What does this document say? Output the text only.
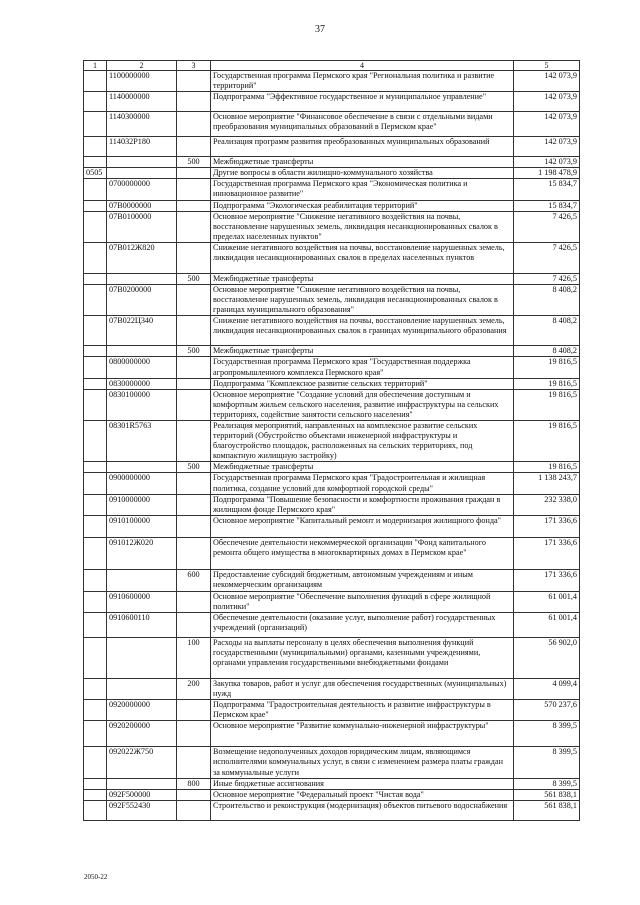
37
1	2	3	4	5
	1100000000		Государственная программа Пермского края "Региональная политика и развитие территорий"	142 073,9
	1140000000		Подпрограмма "Эффективное государственное и муниципальное управление"	142 073,9
	1140300000		Основное мероприятие "Финансовое обеспечение в связи с отдельными видами преобразования муниципальных образований в Пермском крае"	142 073,9
	114032Р180		Реализация программ развития преобразованных муниципальных образований	142 073,9
		500	Межбюджетные трансферты	142 073,9
0505			Другие вопросы в области жилищно-коммунального хозяйства	1 198 478,9
	0700000000		Государственная программа Пермского края "Экономическая политика и инновационное развитие"	15 834,7
	07В0000000		Подпрограмма "Экологическая реабилитация территорий"	15 834,7
	07В0100000		Основное мероприятие "Снижение негативного воздействия на почвы, восстановление нарушенных земель, ликвидация несанкционированных свалок в пределах населенных пунктов"	7 426,5
	07В012Ж820		Снижение негативного воздействия на почвы, восстановление нарушенных земель, ликвидация несанкционированных свалок в пределах населенных пунктов	7 426,5
		500	Межбюджетные трансферты	7 426,5
	07В0200000		Основное мероприятие "Снижение негативного воздействия на почвы, восстановление нарушенных земель, ликвидация несанкционированных свалок в границах муниципального образования"	8 408,2
	07В022Ц340		Снижение негативного воздействия на почвы, восстановление нарушенных земель, ликвидация несанкционированных свалок в границах муниципального образования	8 408,2
		500	Межбюджетные трансферты	8 408,2
	0800000000		Государственная программа Пермского края "Государственная поддержка агропромышленного комплекса Пермского края"	19 816,5
	0830000000		Подпрограмма "Комплексное развитие сельских территорий"	19 816,5
	0830100000		Основное мероприятие "Создание условий для обеспечения доступным и комфортным жильем сельского населения, развитие инфраструктуры на сельских территориях, содействие занятости сельского населения"	19 816,5
	08301R5763		Реализация мероприятий, направленных на комплексное развитие сельских территорий (Обустройство объектами инженерной инфраструктуры и благоустройство площадок, расположенных на сельских территориях, под компактную жилищную застройку)	19 816,5
		500	Межбюджетные трансферты	19 816,5
	0900000000		Государственная программа Пермского края "Градостроительная и жилищная политика, создание условий для комфортной городской среды"	1 138 243,7
	0910000000		Подпрограмма "Повышение безопасности и комфортности проживания граждан в жилищном фонде Пермского края"	232 338,0
	0910100000		Основное мероприятие "Капитальный ремонт и модернизация жилищного фонда"	171 336,6
	091012Ж020		Обеспечение деятельности некоммерческой организации "Фонд капитального ремонта общего имущества в многоквартирных домах в Пермском крае"	171 336,6
		600	Предоставление субсидий бюджетным, автономным учреждениям и иным некоммерческим организациям	171 336,6
	0910600000		Основное мероприятие "Обеспечение выполнения функций в сфере жилищной политики"	61 001,4
	0910600110		Обеспечение деятельности (оказание услуг, выполнение работ) государственных учреждений (организаций)	61 001,4
		100	Расходы на выплаты персоналу в целях обеспечения выполнения функций государственными (муниципальными) органами, казенными учреждениями, органами управления государственными внебюджетными фондами	56 902,0
		200	Закупка товаров, работ и услуг для обеспечения государственных (муниципальных) нужд	4 099,4
	0920000000		Подпрограмма "Градостроительная деятельность и развитие инфраструктуры в Пермском крае"	570 237,6
	0920200000		Основное мероприятие "Развитие коммунально-инженерной инфраструктуры"	8 399,5
	092022Ж750		Возмещение недополученных доходов юридическим лицам, являющимся исполнителями коммунальных услуг, в связи с изменением размера платы граждан за коммунальные услуги	8 399,5
		800	Иные бюджетные ассигнования	8 399,5
	092F500000		Основное мероприятие "Федеральный проект "Чистая вода"	561 838,1
	092F552430		Строительство и реконструкция (модернизация) объектов питьевого водоснабжения	561 838,1
2050-22
